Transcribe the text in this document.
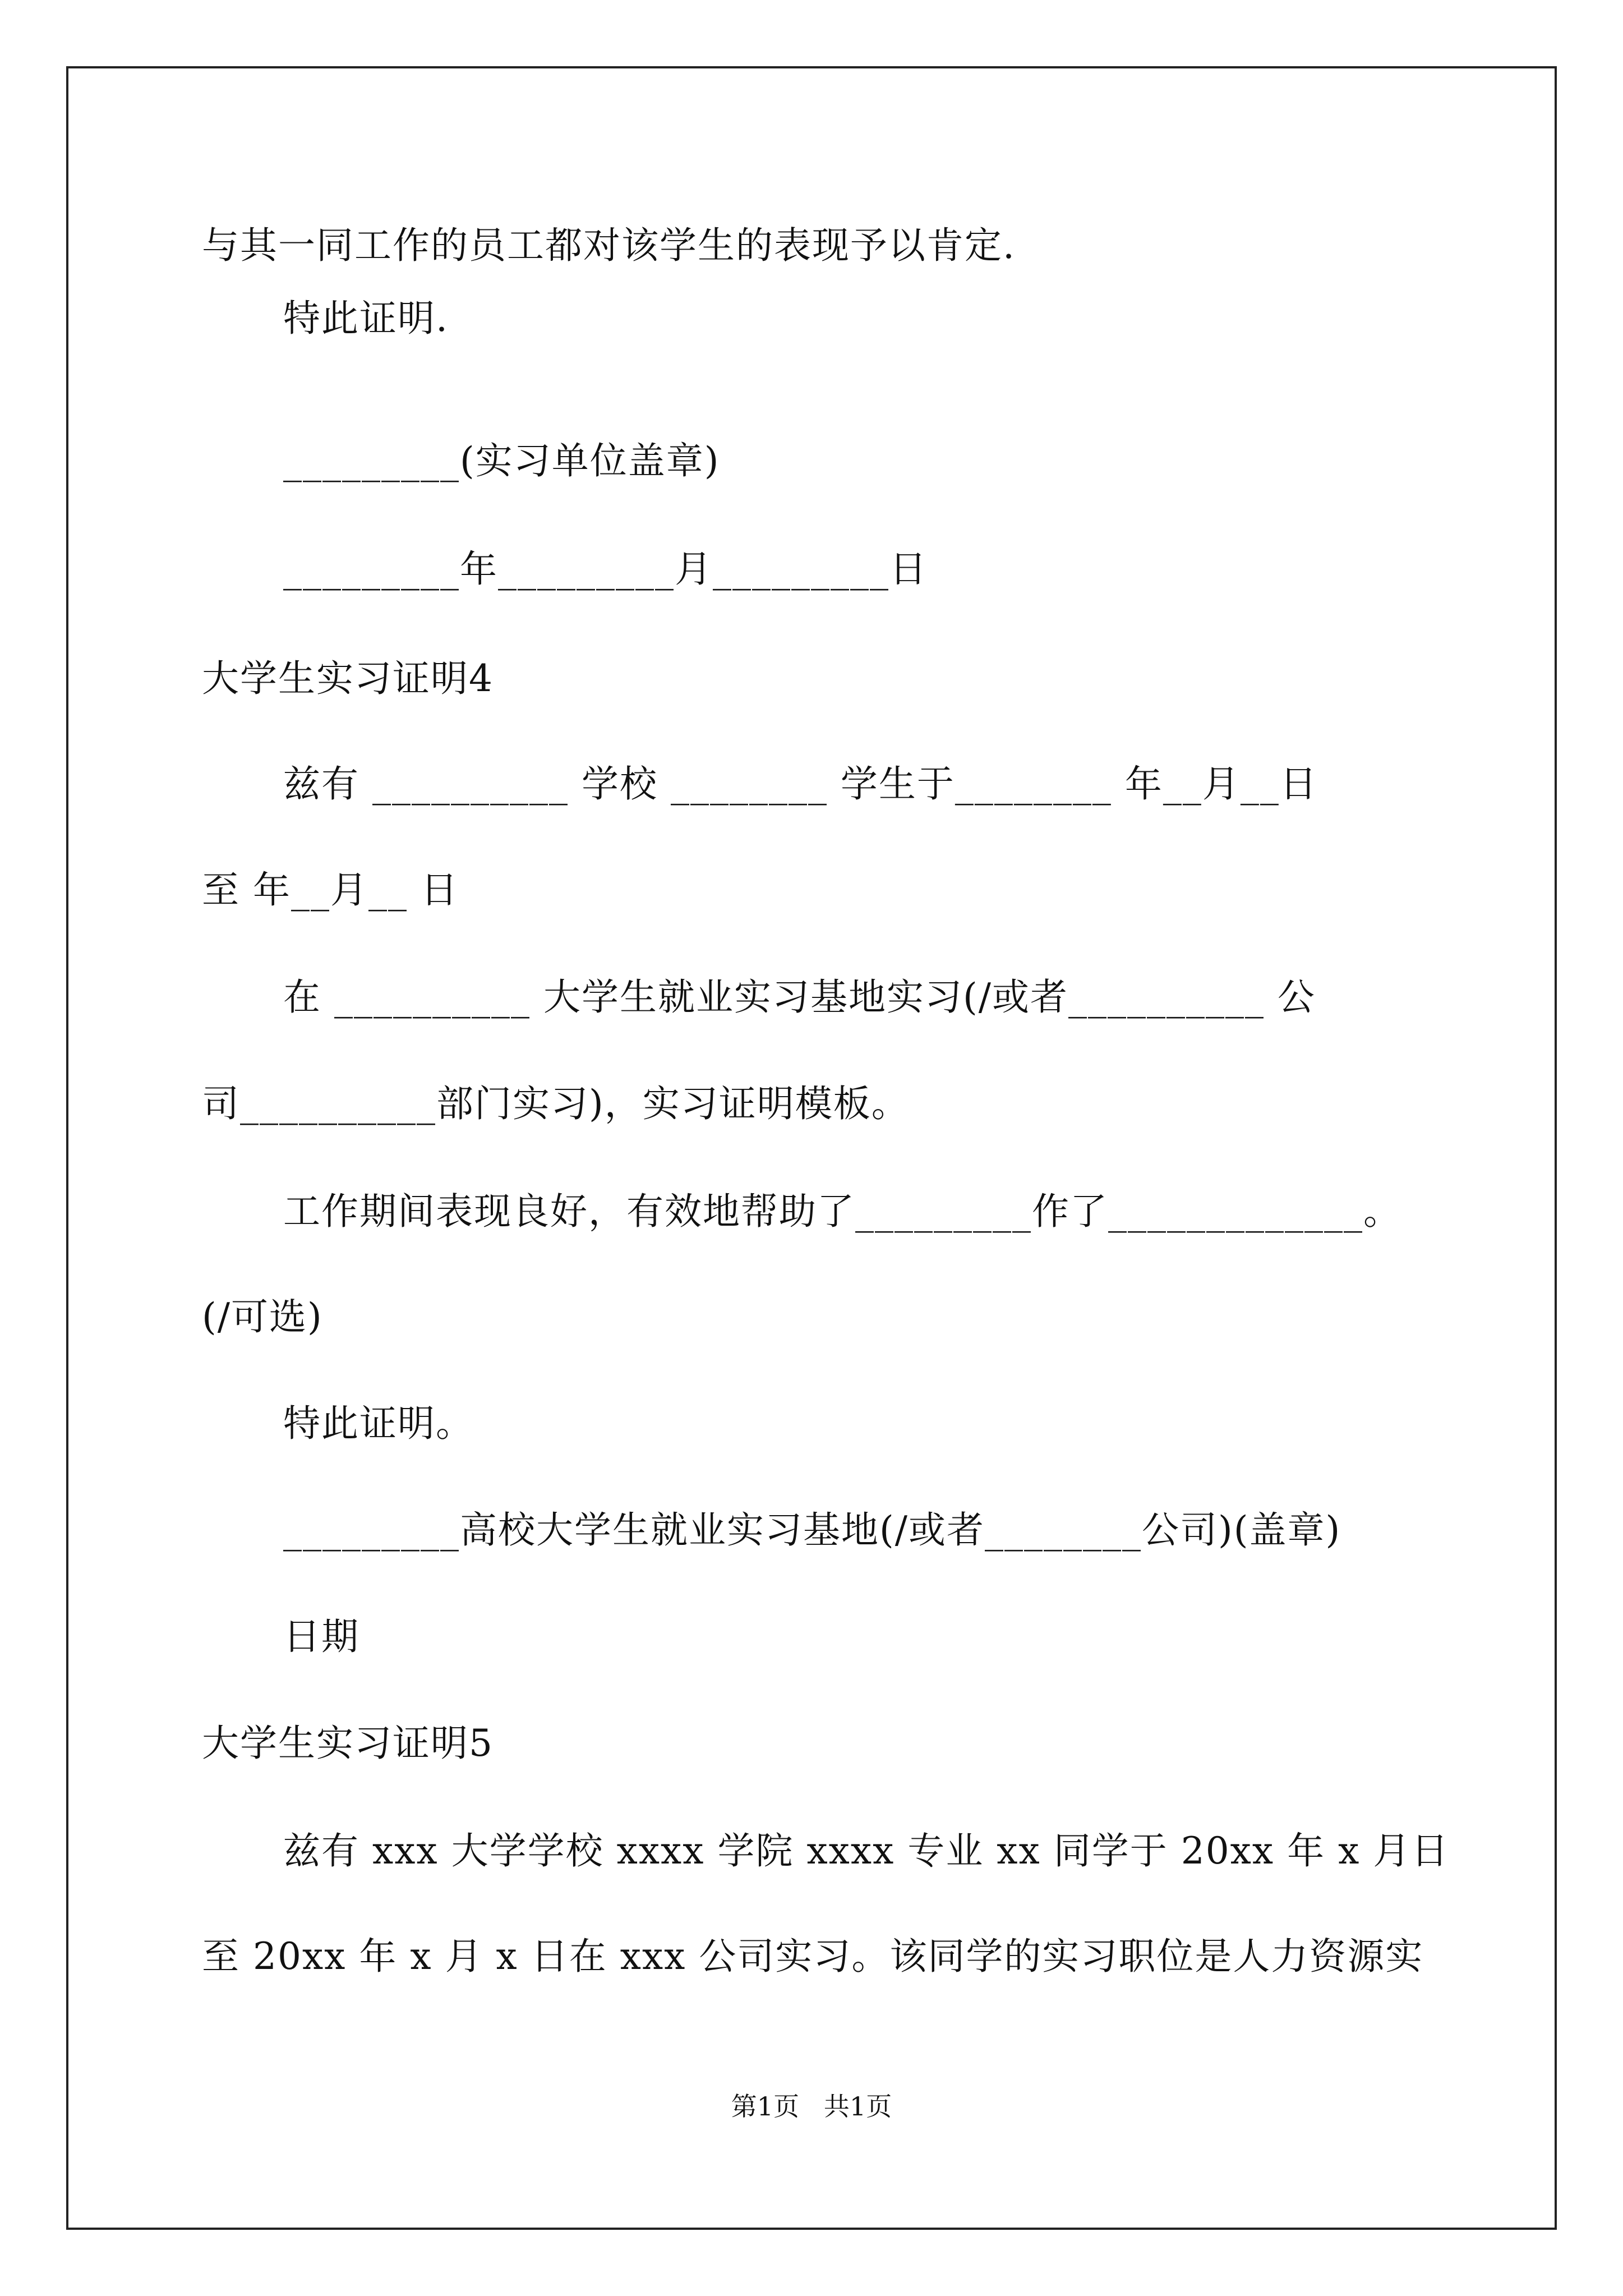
与其一同工作的员工都对该学生的表现予以肯定.
特此证明.
_________(实习单位盖章)
_________年_________月_________日
大学生实习证明4
兹有 __________ 学校 ________ 学生于________ 年__月__日
至 年__月__ 日
在 __________ 大学生就业实习基地实习(/或者__________ 公
司__________部门实习)，实习证明模板。
工作期间表现良好，有效地帮助了_________作了_____________。
(/可选)
特此证明。
_________高校大学生就业实习基地(/或者________公司)(盖章)
日期
大学生实习证明5
兹有 xxx 大学学校 xxxx 学院 xxxx 专业 xx 同学于 20xx 年 x 月日
至 20xx 年 x 月 x 日在 xxx 公司实习。该同学的实习职位是人力资源实
第1页   共1页
